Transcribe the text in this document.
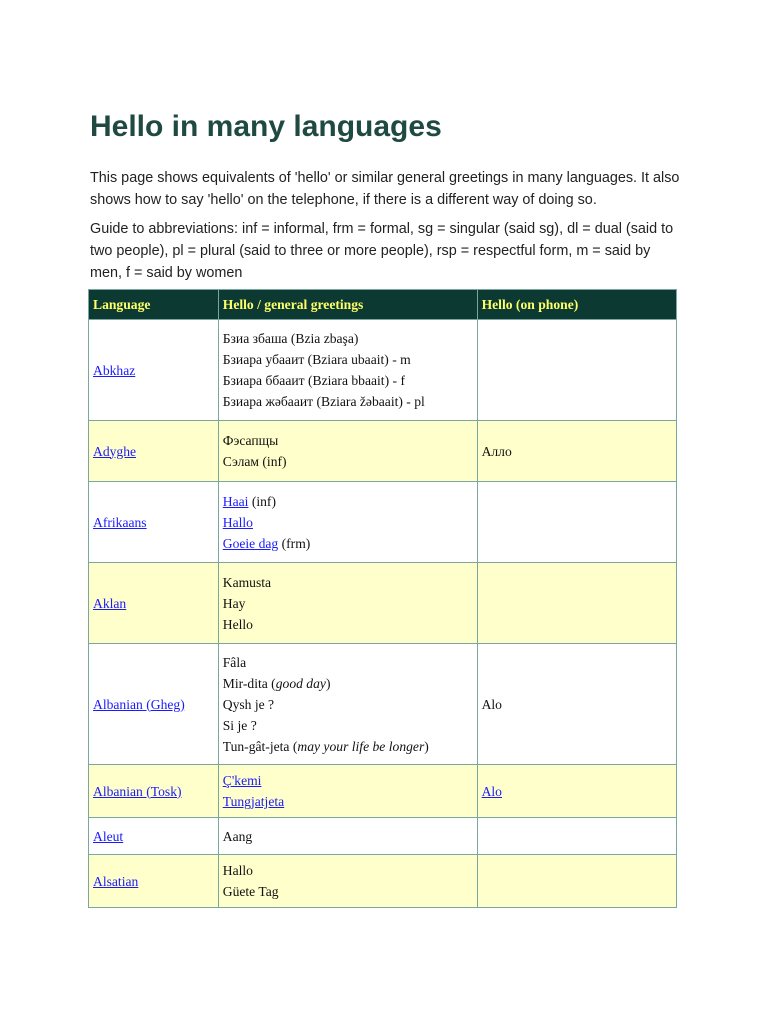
Hello in many languages

This page shows equivalents of 'hello' or similar general greetings in many languages. It also shows how to say 'hello' on the telephone, if there is a different way of doing so.

Guide to abbreviations: inf = informal, frm = formal, sg = singular (said sg), dl = dual (said to two people), pl = plural (said to three or more people), rsp = respectful form, m = said by men, f = said by women

Language	Hello / general greetings	Hello (on phone)
Abkhaz	Бзиа збаша (Bzia zbaşa)
Бзиара убааит (Bziara ubaait) - m
Бзиара ббааит (Bziara bbaait) - f
Бзиара жәбааит (Bziara žəbaait) - pl	

Adyghe	Фэсапщы
Сэлам (inf)	Алло
Afrikaans	Haai (inf)
Hallo
Goeie dag (frm)	

Aklan	Kamusta
Hay
Hello	

Albanian (Gheg)	Fâla
Mir-dita (good day)
Qysh je ?
Si je ?
Tun-gât-jeta (may your life be longer)	Alo
Albanian (Tosk)	Ç'kemi
Tungjatjeta	Alo
Aleut	Aang	

Alsatian	Hallo
Güete Tag	
